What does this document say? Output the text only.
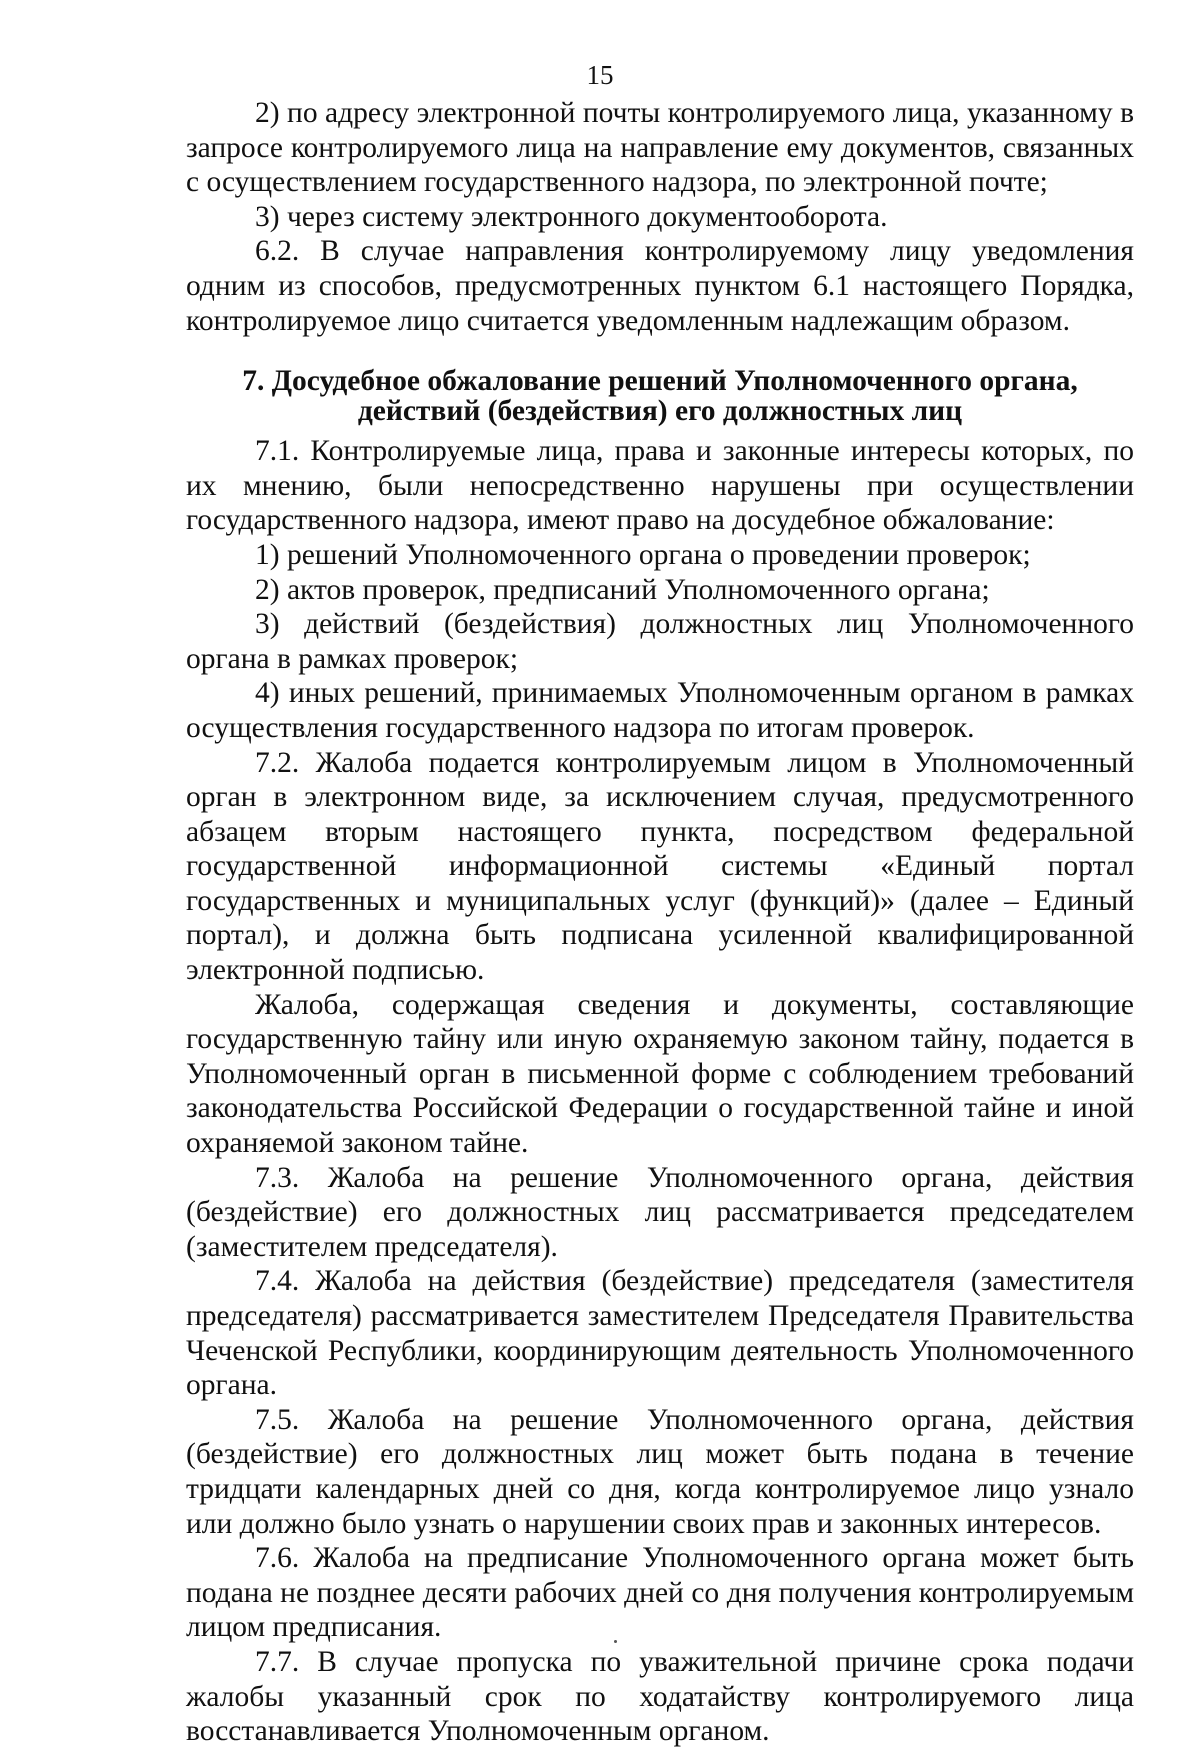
15

2) по адресу электронной почты контролируемого лица, указанному в запросе контролируемого лица на направление ему документов, связанных с осуществлением государственного надзора, по электронной почте;

3) через систему электронного документооборота.

6.2. В случае направления контролируемому лицу уведомления одним из способов, предусмотренных пунктом 6.1 настоящего Порядка, контролируемое лицо считается уведомленным надлежащим образом.

7. Досудебное обжалование решений Уполномоченного органа,
действий (бездействия) его должностных лиц

7.1. Контролируемые лица, права и законные интересы которых, по их мнению, были непосредственно нарушены при осуществлении государственного надзора, имеют право на досудебное обжалование:

1) решений Уполномоченного органа о проведении проверок;

2) актов проверок, предписаний Уполномоченного органа;

3) действий (бездействия) должностных лиц Уполномоченного органа в рамках проверок;

4) иных решений, принимаемых Уполномоченным органом в рамках осуществления государственного надзора по итогам проверок.

7.2. Жалоба подается контролируемым лицом в Уполномоченный орган в электронном виде, за исключением случая, предусмотренного абзацем вторым настоящего пункта, посредством федеральной государственной информационной системы «Единый портал государственных и муниципальных услуг (функций)» (далее – Единый портал), и должна быть подписана усиленной квалифицированной электронной подписью.

Жалоба, содержащая сведения и документы, составляющие государственную тайну или иную охраняемую законом тайну, подается в Уполномоченный орган в письменной форме с соблюдением требований законодательства Российской Федерации о государственной тайне и иной охраняемой законом тайне.

7.3. Жалоба на решение Уполномоченного органа, действия (бездействие) его должностных лиц рассматривается председателем (заместителем председателя).

7.4. Жалоба на действия (бездействие) председателя (заместителя председателя) рассматривается заместителем Председателя Правительства Чеченской Республики, координирующим деятельность Уполномоченного органа.

7.5. Жалоба на решение Уполномоченного органа, действия (бездействие) его должностных лиц может быть подана в течение тридцати календарных дней со дня, когда контролируемое лицо узнало или должно было узнать о нарушении своих прав и законных интересов.

7.6. Жалоба на предписание Уполномоченного органа может быть подана не позднее десяти рабочих дней со дня получения контролируемым лицом предписания.

7.7. В случае пропуска по уважительной причине срока подачи жалобы указанный срок по ходатайству контролируемого лица восстанавливается Уполномоченным органом.
